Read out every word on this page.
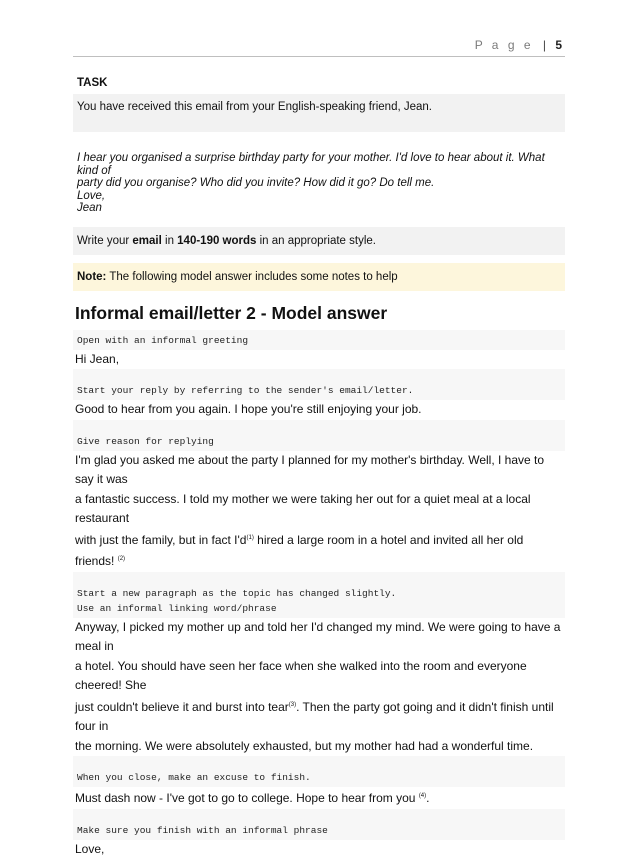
P a g e | 5
TASK
You have received this email from your English-speaking friend, Jean.
I hear you organised a surprise birthday party for your mother. I'd love to hear about it. What kind of
party did you organise? Who did you invite? How did it go? Do tell me.
Love,
Jean
Write your email in 140-190 words in an appropriate style.
Note: The following model answer includes some notes to help
Informal email/letter 2 - Model answer
Open with an informal greeting
Hi Jean,
Start your reply by referring to the sender's email/letter.
Good to hear from you again. I hope you're still enjoying your job.
Give reason for replying
I'm glad you asked me about the party I planned for my mother's birthday. Well, I have to say it was
a fantastic success. I told my mother we were taking her out for a quiet meal at a local restaurant
with just the family, but in fact $I'd^{(1)}$ hired a large room in a hotel and invited all her old friends! $^{(2)}$
Start a new paragraph as the topic has changed slightly.
Use an informal linking word/phrase
Anyway, I picked my mother up and told her I'd changed my mind. We were going to have a meal in
a hotel. You should have seen her face when she walked into the room and everyone cheered! She
just couldn't believe it and burst into tear$^{(3)}$. Then the party got going and it didn't finish until four in
the morning. We were absolutely exhausted, but my mother had had a wonderful time.
When you close, make an excuse to finish.
Must dash now - I've got to go to college. Hope to hear from you $^{(4)}$.
Make sure you finish with an informal phrase
Love,
